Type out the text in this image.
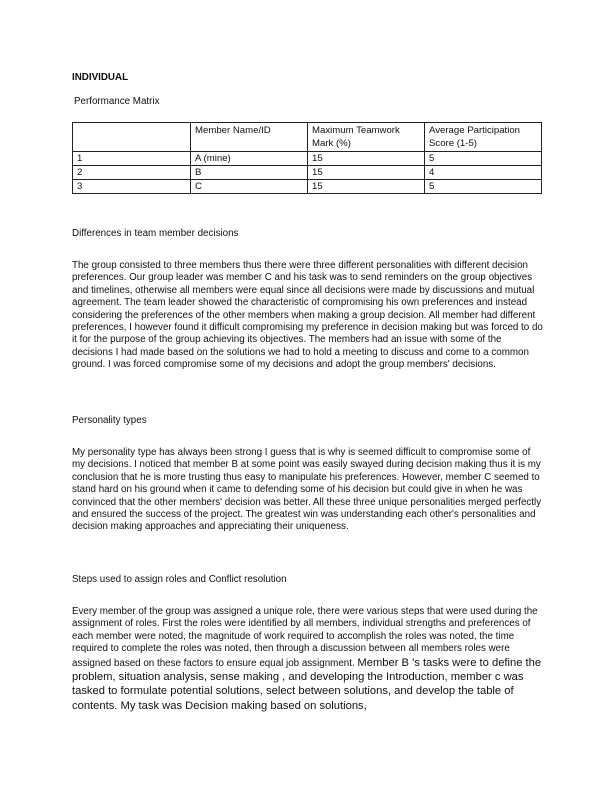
INDIVIDUAL

Performance Matrix

	Member Name/ID	Maximum Teamwork Mark (%)	Average Participation Score (1-5)
1	A (mine)	15	5
2	B	15	4
3	C	15	5

Differences in team member decisions

The group consisted to three members thus there were three different personalities with different decision preferences. Our group leader was member C and his task was to send reminders on the group objectives and timelines, otherwise all members were equal since all decisions were made by discussions and mutual agreement. The team leader showed the characteristic of compromising his own preferences and instead considering the preferences of the other members when making a group decision. All member had different preferences, I however found it difficult compromising my preference in decision making but was forced to do it for the purpose of the group achieving its objectives. The members had an issue with some of the decisions I had made based on the solutions we had to hold a meeting to discuss and come to a common ground. I was forced compromise some of my decisions and adopt the group members' decisions.

Personality types

My personality type has always been strong I guess that is why is seemed difficult to compromise some of my decisions. I noticed that member B at some point was easily swayed during decision making thus it is my conclusion that he is more trusting thus easy to manipulate his preferences. However, member C seemed to stand hard on his ground when it came to defending some of his decision but could give in when he was convinced that the other members' decision was better. All these three unique personalities merged perfectly and ensured the success of the project. The greatest win was understanding each other's personalities and decision making approaches and appreciating their uniqueness.

Steps used to assign roles and Conflict resolution

Every member of the group was assigned a unique role, there were various steps that were used during the assignment of roles. First the roles were identified by all members, individual strengths and preferences of each member were noted, the magnitude of work required to accomplish the roles was noted, the time required to complete the roles was noted, then through a discussion between all members roles were assigned based on these factors to ensure equal job assignment. Member B 's tasks were to define the problem, situation analysis, sense making , and developing the Introduction, member c was tasked to formulate potential solutions, select between solutions, and develop the table of contents. My task was Decision making based on solutions,
